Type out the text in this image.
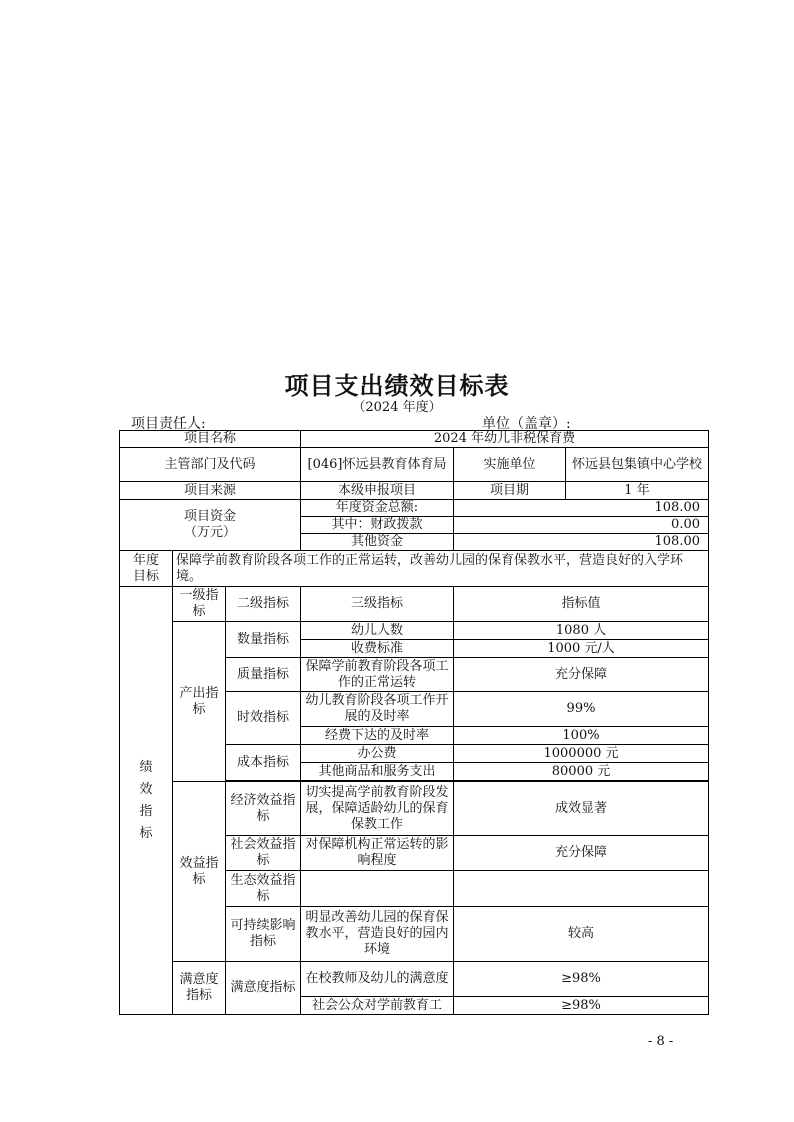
项目支出绩效目标表
（2024 年度）
项目责任人:	单位（盖章）:
项目名称			2024 年幼儿非税保育费		
主管部门及代码			[046]怀远县教育体育局	实施单位	怀远县包集镇中心学校
项目来源			本级申报项目	项目期	1 年

项目资金
（万元）			年度资金总额:	108.00	
			其中：财政拨款	0.00	
			其他资金	108.00	

年度
目标	保障学前教育阶段各项工作的正常运转，改善幼儿园的保育保教水平，营造良好的入学环境。				

绩
效
指
标	一级指标	二级指标	三级指标	指标值	
	产出指标	数量指标	幼儿人数	1080 人	
			收费标准	1000 元/人	
		质量指标	保障学前教育阶段各项工作的正常运转	充分保障	
		时效指标	幼儿教育阶段各项工作开展的及时率	99%	
			经费下达的及时率	100%	
		成本指标	办公费	1000000 元	
			其他商品和服务支出	80000 元	

	效益指标	经济效益指标	切实提高学前教育阶段发展，保障适龄幼儿的保育保教工作	成效显著	
		社会效益指标	对保障机构正常运转的影响程度	充分保障	
		生态效益指标			
		可持续影响指标	明显改善幼儿园的保育保教水平，营造良好的园内环境	较高	
	满意度指标	满意度指标	在校教师及幼儿的满意度	≥98%	
			社会公众对学前教育工	≥98%	
- 8 -
